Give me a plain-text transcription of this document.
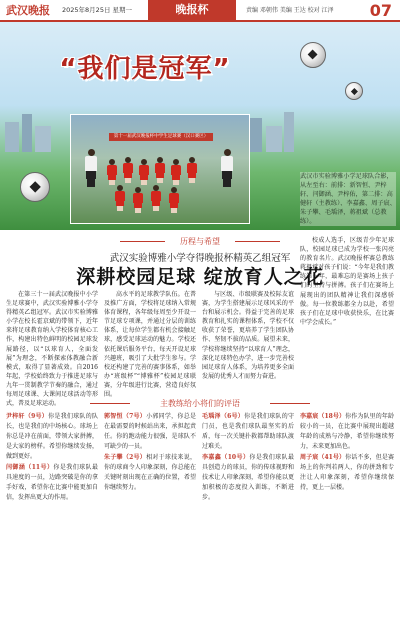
武汉晚报 2025年8月25日 星期一	晚报杯	责编 邓朝伟 美编 王达 校对 江泽 07
“我们是冠军”
第十一届武汉晚报杯中学生足球赛（汉口赛区）
武汉市实验博雅小学足球队合影，从左至右：前排：新智恒、尹梓轩、闫御涵、尹梓佑，第二排：高健轩（主教练）、李嘉鑫、周子宸、朱子攀、毛瑀泽，蒋祖斌（总教练）。
历程与希望
武汉实验博雅小学夺得晚报杯精英乙组冠军
深耕校园足球 绽放育人之花

在第三十一届武汉晚报中小学生足球赛中，武汉实验博雅小学夺得精英乙组冠军。武汉市实验博雅小学在校长霍京斌的带领下，近年来将足球教育纳入学校体育核心工作，构建出特色鲜明的校园足球发展路径，以“以球育人，全面发展”为理念，不断探索体教融合新模式，取得了显著成效。自2016年起，学校始终致力于推进足球与九年一贯制教学节奏的融合，通过每周足球课、大课间足球活动等形式，普及足球运动。

高水平的足球教学队伍。在普及推广方面，学校将足球纳入常规体育课程，各年级每周至少开设一节足球专项课，并通过分层的训练体系，让每位学生都有机会接触足球，感受足球运动的魅力。学校还依托课后服务平台，每天开设足球兴趣班，吸引了大批学生参与。学校还构建了完善的赛事体系，如举办“班级杯”“博雅杯”校园足球联赛，分年级进行比赛，营造良好氛围。

与区级、市级联赛及校际友谊赛，为学生搭建展示足球风采的平台和展示机会。得益于完善的足球教育和扎实的课程体系，学校不仅收获了荣誉，更培养了学生团队协作、坚韧不拔的品质。展望未来，学校将继续坚持“以球育人”理念，深化足球特色办学，进一步完善校园足球育人体系，为培养更多全面发展的优秀人才而努力奋进。

校成人选手，区级青少年足球队，校园足球已成为学校一张闪亮的教育名片。武汉晚报杯赛总教练蒋祖斌对孩子们说：“今年是我们教练第一年，最难忘的是赛场上孩子们的坚持与拼搏。孩子们在赛场上展现出的团队精神让我们深感骄傲。每一位教练都全力以赴，希望孩子们在足球中收获快乐，在比赛中学会成长。”

主教练给小将们的评语
尹梓轩（9号）你是我们球队的队长，也是我们的中场核心。球场上你总是冲在前面，带领大家拼搏，是大家的榜样。希望你继续发扬，做到更好。
闫御涵（11号）你是我们球队最具速度的一员，边路突破是你的拿手好戏，希望你在比赛中能更加自信，发挥出更大的作用。
郭智恒（7号）小郭同学，你总是在最需要的时候站出来，承担起责任。你的跑动能力很强，是球队不可缺少的一员。
朱子攀（2号）相对于球技来说，你的球商令人印象深刻，你总能在关键时刻出现在正确的位置，希望你继续努力。
毛瑀泽（6号）你是我们球队的守门员，也是我们球队最坚实的后盾，每一次关键扑救都帮助球队渡过难关。
李嘉鑫（10号）你是我们球队最具创造力的球员，你的传球视野和技术让人印象深刻，希望你能以更加积极的态度投入训练，不断进步。
李嘉宸（18号）你作为队里的年龄较小的一员，在比赛中展现出超越年龄的成熟与冷静，希望你继续努力，未来更加出色。
周子宸（41号）你话不多，但是赛场上的你判若两人，你的拼劲和专注让人印象深刻，希望你继续保持，更上一层楼。
